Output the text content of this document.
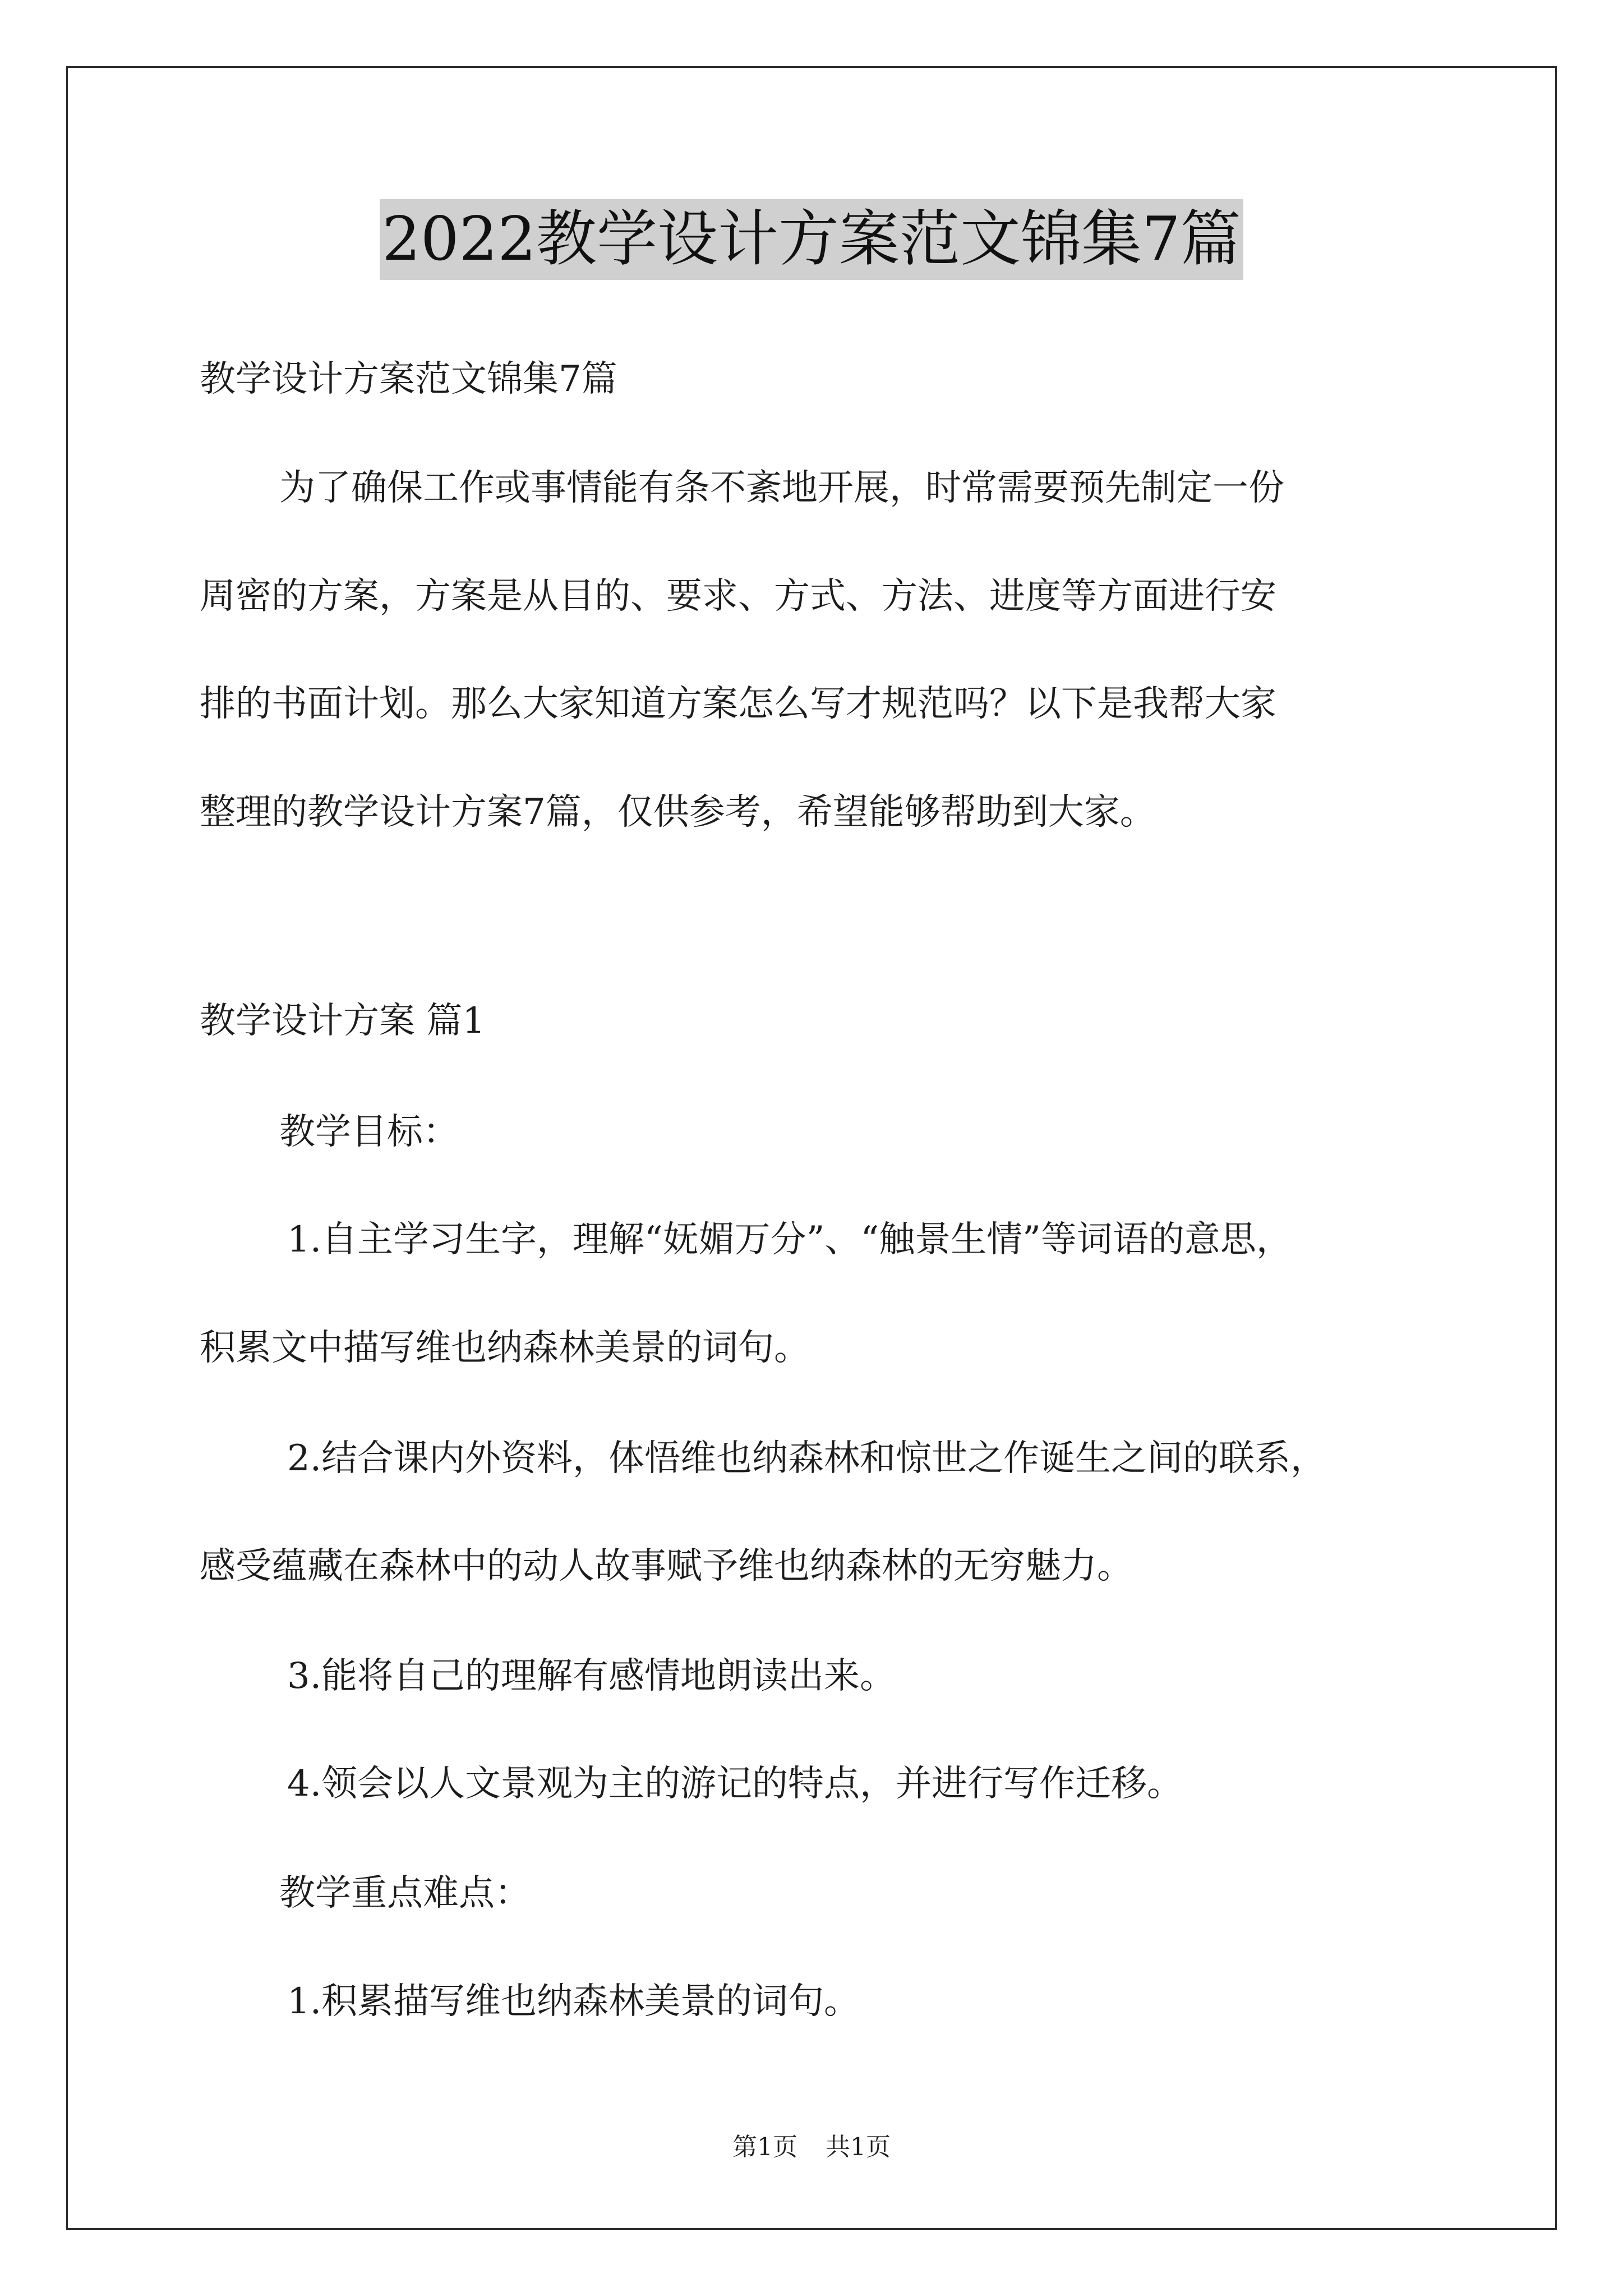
2022教学设计方案范文锦集7篇
教学设计方案范文锦集7篇
为了确保工作或事情能有条不紊地开展，时常需要预先制定一份
周密的方案，方案是从目的、要求、方式、方法、进度等方面进行安
排的书面计划。那么大家知道方案怎么写才规范吗？以下是我帮大家
整理的教学设计方案7篇，仅供参考，希望能够帮助到大家。
教学设计方案 篇1
教学目标：
1.自主学习生字，理解“妩媚万分”、“触景生情”等词语的意思，
积累文中描写维也纳森林美景的词句。
2.结合课内外资料，体悟维也纳森林和惊世之作诞生之间的联系，
感受蕴藏在森林中的动人故事赋予维也纳森林的无穷魅力。
3.能将自己的理解有感情地朗读出来。
4.领会以人文景观为主的游记的特点，并进行写作迁移。
教学重点难点：
1.积累描写维也纳森林美景的词句。
第1页 共1页
